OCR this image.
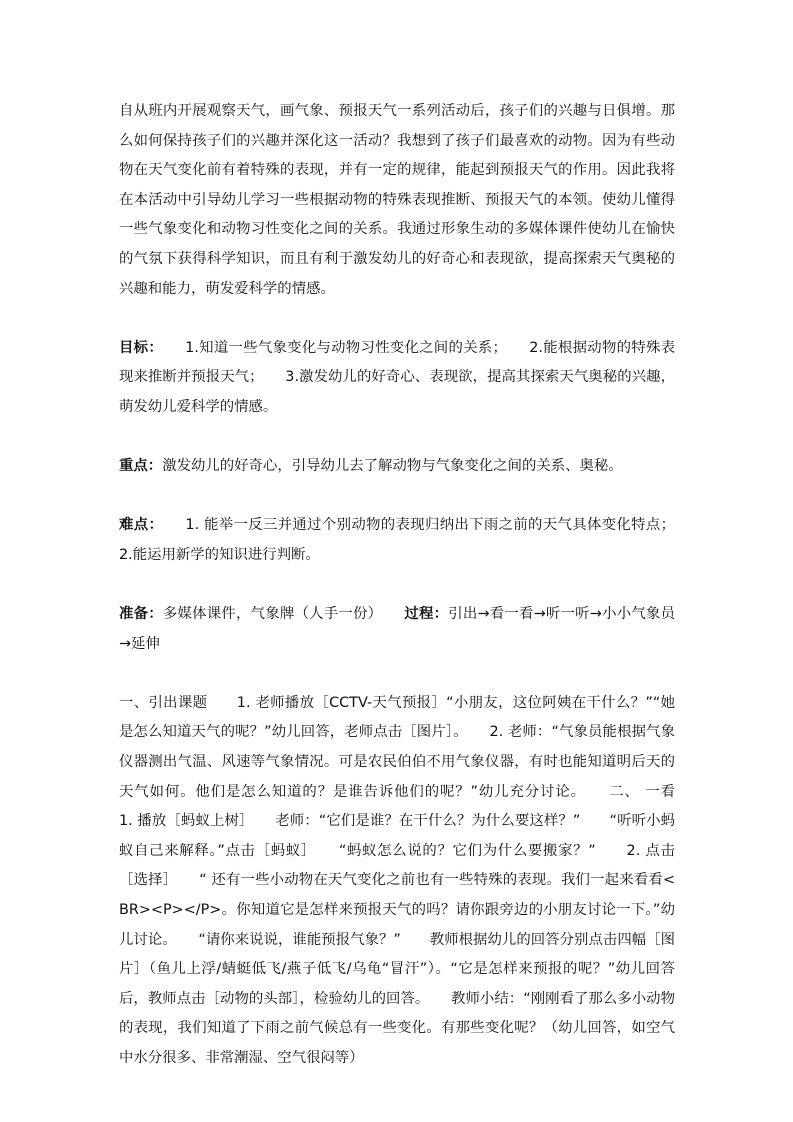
自从班内开展观察天气，画气象、预报天气一系列活动后，孩子们的兴趣与日俱增。那么如何保持孩子们的兴趣并深化这一活动？我想到了孩子们最喜欢的动物。因为有些动物在天气变化前有着特殊的表现，并有一定的规律，能起到预报天气的作用。因此我将在本活动中引导幼儿学习一些根据动物的特殊表现推断、预报天气的本领。使幼儿懂得一些气象变化和动物习性变化之间的关系。我通过形象生动的多媒体课件使幼儿在愉快的气氛下获得科学知识，而且有利于激发幼儿的好奇心和表现欲，提高探索天气奥秘的兴趣和能力，萌发爱科学的情感。

目标：　　1.知道一些气象变化与动物习性变化之间的关系；　　2.能根据动物的特殊表现来推断并预报天气；　　3.激发幼儿的好奇心、表现欲，提高其探索天气奥秘的兴趣，萌发幼儿爱科学的情感。

重点：激发幼儿的好奇心，引导幼儿去了解动物与气象变化之间的关系、奥秘。

难点：　　1. 能举一反三并通过个别动物的表现归纳出下雨之前的天气具体变化特点；2.能运用新学的知识进行判断。

准备：多媒体课件，气象牌（人手一份）　　过程：引出→看一看→听一听→小小气象员→延伸

一、引出课题　　1. 老师播放［CCTV-天气预报］“小朋友，这位阿姨在干什么？”“她是怎么知道天气的呢？”幼儿回答，老师点击［图片］。　　2. 老师：“气象员能根据气象仪器测出气温、风速等气象情况。可是农民伯伯不用气象仪器，有时也能知道明后天的天气如何。他们是怎么知道的？是谁告诉他们的呢？”幼儿充分讨论。　　二、 一看　　1. 播放［蚂蚁上树］　　老师：“它们是谁？在干什么？为什么要这样？”　　“听听小蚂蚁自己来解释。”点击［蚂蚁］　　“蚂蚁怎么说的？它们为什么要搬家？”　　2. 点击［选择］　　“ 还有一些小动物在天气变化之前也有一些特殊的表现。我们一起来看看<BR><P></P>。你知道它是怎样来预报天气的吗？请你跟旁边的小朋友讨论一下。”幼儿讨论。　　“请你来说说，谁能预报气象？”　　教师根据幼儿的回答分别点击四幅［图片］（鱼儿上浮/蜻蜓低飞/燕子低飞/乌龟“冒汗”）。“它是怎样来预报的呢？”幼儿回答后，教师点击［动物的头部］，检验幼儿的回答。　　教师小结：“刚刚看了那么多小动物的表现，我们知道了下雨之前气候总有一些变化。有那些变化呢？（幼儿回答，如空气中水分很多、非常潮湿、空气很闷等）
